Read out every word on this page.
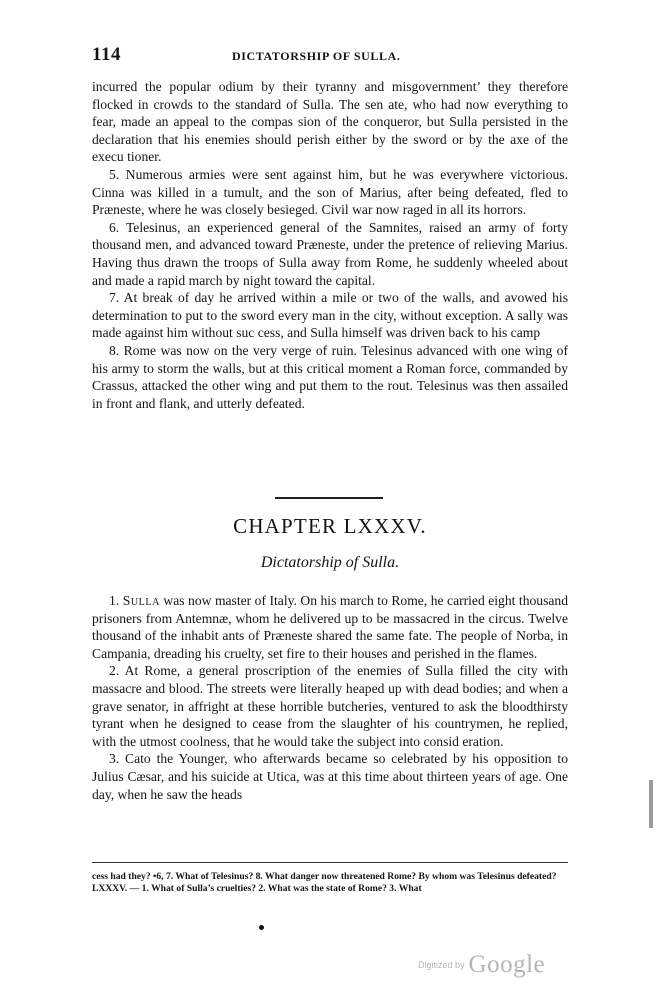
114	DICTATORSHIP OF SULLA.

incurred the popular odium by their tyranny and misgovernment’ they therefore flocked in crowds to the standard of Sulla. The sen ate, who had now everything to fear, made an appeal to the compas sion of the conqueror, but Sulla persisted in the declaration that his enemies should perish either by the sword or by the axe of the execu tioner.

5. Numerous armies were sent against him, but he was everywhere victorious. Cinna was killed in a tumult, and the son of Marius, after being defeated, fled to Præneste, where he was closely besieged. Civil war now raged in all its horrors.

6. Telesinus, an experienced general of the Samnites, raised an army of forty thousand men, and advanced toward Præneste, under the pretence of relieving Marius. Having thus drawn the troops of Sulla away from Rome, he suddenly wheeled about and made a rapid march by night toward the capital.

7. At break of day he arrived within a mile or two of the walls, and avowed his determination to put to the sword every man in the city, without exception. A sally was made against him without suc cess, and Sulla himself was driven back to his camp

8. Rome was now on the very verge of ruin. Telesinus advanced with one wing of his army to storm the walls, but at this critical moment a Roman force, commanded by Crassus, attacked the other wing and put them to the rout. Telesinus was then assailed in front and flank, and utterly defeated.

CHAPTER LXXXV.
Dictatorship of Sulla.

1. Sulla was now master of Italy. On his march to Rome, he carried eight thousand prisoners from Antemnæ, whom he delivered up to be massacred in the circus. Twelve thousand of the inhabit ants of Præneste shared the same fate. The people of Norba, in Campania, dreading his cruelty, set fire to their houses and perished in the flames.

2. At Rome, a general proscription of the enemies of Sulla filled the city with massacre and blood. The streets were literally heaped up with dead bodies; and when a grave senator, in affright at these horrible butcheries, ventured to ask the bloodthirsty tyrant when he designed to cease from the slaughter of his countrymen, he replied, with the utmost coolness, that he would take the subject into consid eration.

3. Cato the Younger, who afterwards became so celebrated by his opposition to Julius Cæsar, and his suicide at Utica, was at this time about thirteen years of age. One day, when he saw the heads

cess had they? •6, 7. What of Telesinus? 8. What danger now threatened Rome? By whom was Telesinus defeated?

LXXXV. — 1. What of Sulla’s cruelties? 2. What was the state of Rome? 3. What

Digitized by Google
